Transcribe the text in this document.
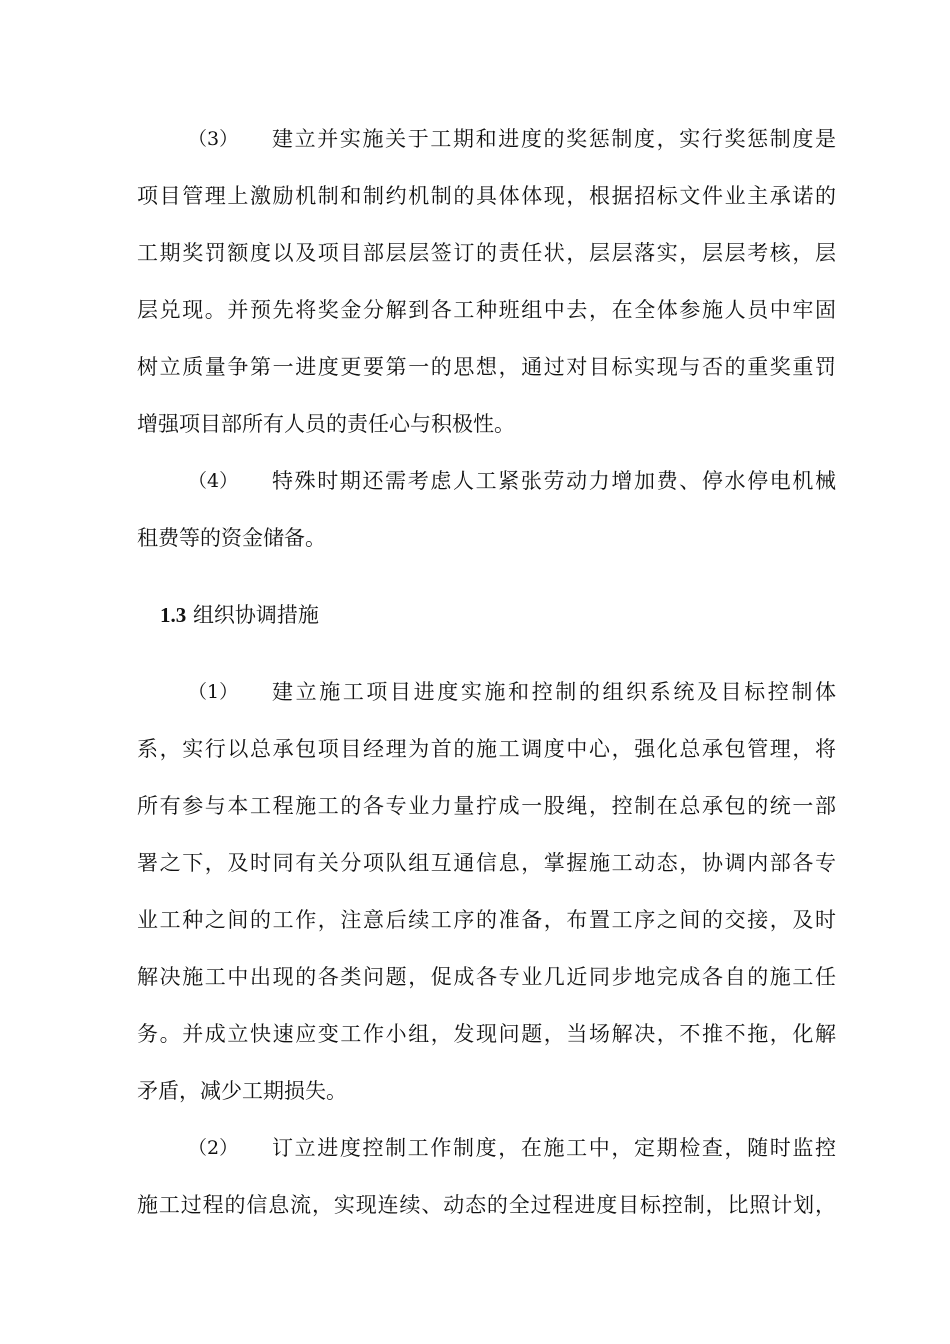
（3） 建立并实施关于工期和进度的奖惩制度，实行奖惩制度是
项目管理上激励机制和制约机制的具体体现，根据招标文件业主承诺的
工期奖罚额度以及项目部层层签订的责任状，层层落实，层层考核，层
层兑现。并预先将奖金分解到各工种班组中去，在全体参施人员中牢固
树立质量争第一进度更要第一的思想，通过对目标实现与否的重奖重罚
增强项目部所有人员的责任心与积极性。
（4） 特殊时期还需考虑人工紧张劳动力增加费、停水停电机械
租费等的资金储备。
1.3 组织协调措施
（1） 建立施工项目进度实施和控制的组织系统及目标控制体
系，实行以总承包项目经理为首的施工调度中心，强化总承包管理，将
所有参与本工程施工的各专业力量拧成一股绳，控制在总承包的统一部
署之下，及时同有关分项队组互通信息，掌握施工动态，协调内部各专
业工种之间的工作，注意后续工序的准备，布置工序之间的交接，及时
解决施工中出现的各类问题，促成各专业几近同步地完成各自的施工任
务。并成立快速应变工作小组，发现问题，当场解决，不推不拖，化解
矛盾，减少工期损失。
（2） 订立进度控制工作制度，在施工中，定期检查，随时监控
施工过程的信息流，实现连续、动态的全过程进度目标控制，比照计划，
